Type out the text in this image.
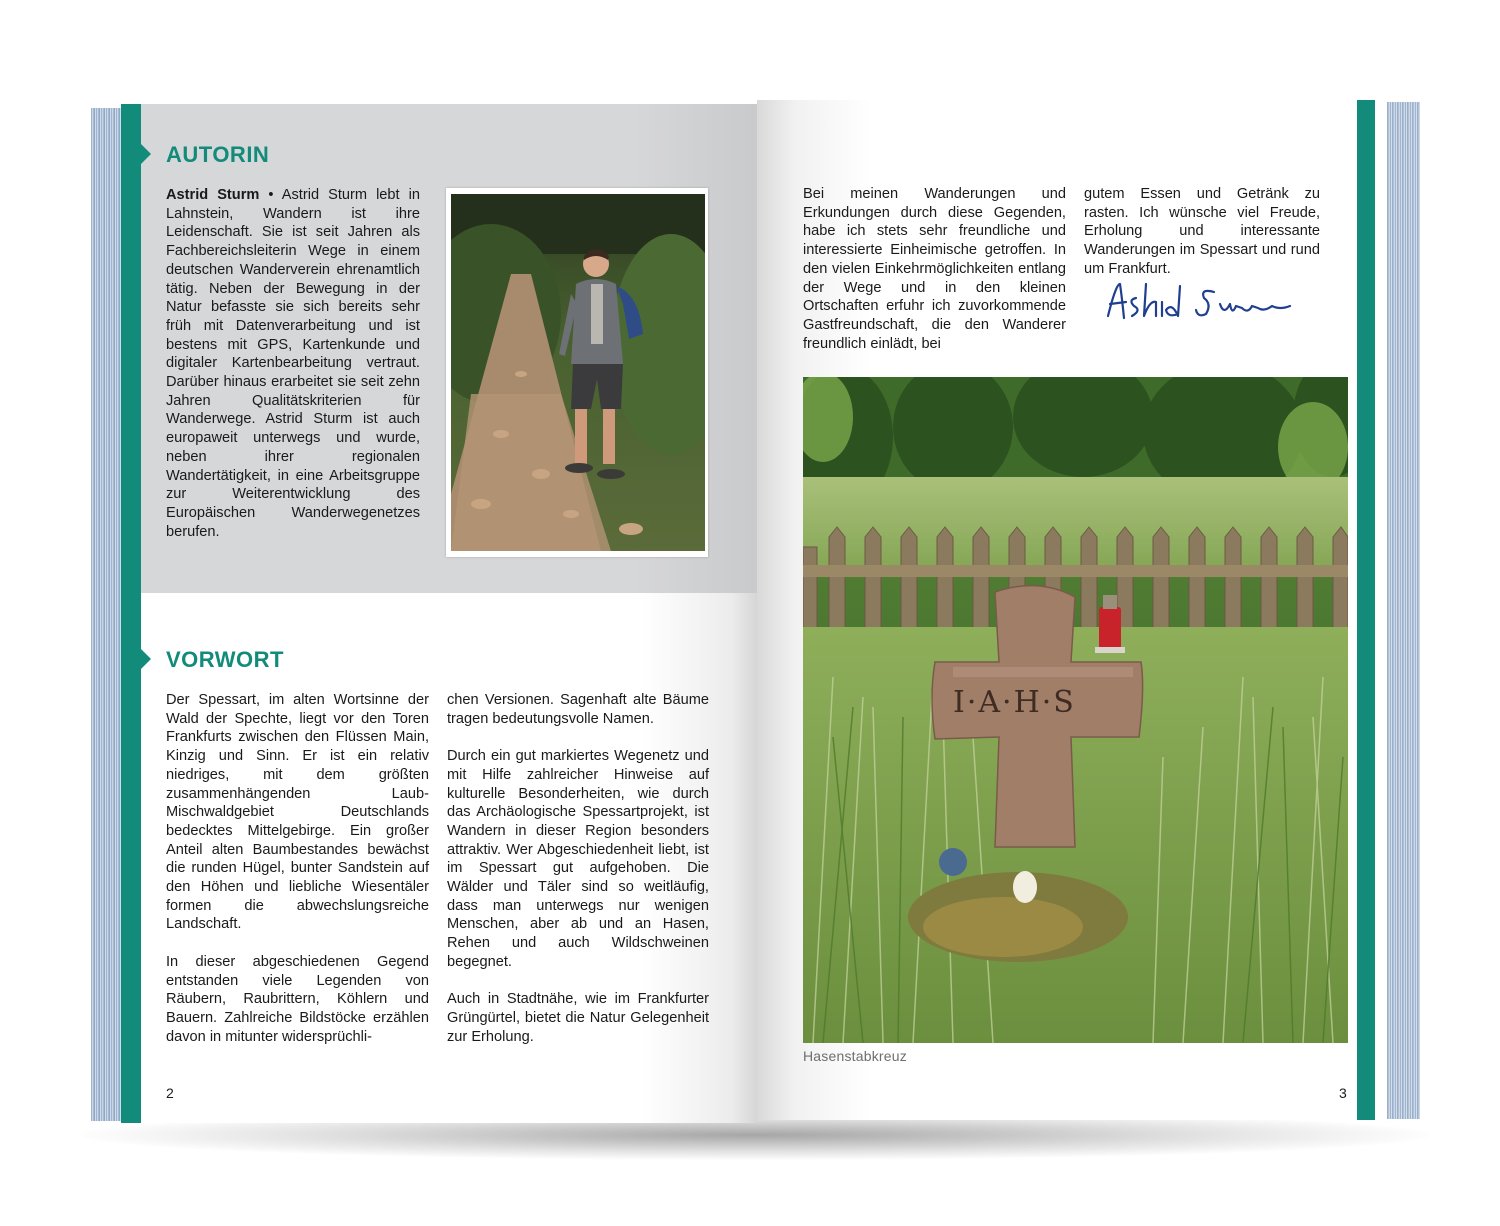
AUTORIN

Astrid Sturm • Astrid Sturm lebt in Lahnstein, Wandern ist ihre Leidenschaft. Sie ist seit Jahren als Fachbereichsleiterin Wege in einem deutschen Wanderverein ehrenamtlich tätig. Neben der Bewegung in der Natur befasste sie sich bereits sehr früh mit Datenverarbeitung und ist bestens mit GPS, Kartenkunde und digitaler Kartenbearbeitung vertraut. Darüber hinaus erarbeitet sie seit zehn Jahren Qualitätskriterien für Wanderwege. Astrid Sturm ist auch europaweit unterwegs und wurde, neben ihrer regionalen Wandertätigkeit, in eine Arbeitsgruppe zur Weiterentwicklung des Europäischen Wanderwegenetzes berufen.

VORWORT

Der Spessart, im alten Wortsinne der Wald der Spechte, liegt vor den Toren Frankfurts zwischen den Flüssen Main, Kinzig und Sinn. Er ist ein relativ niedriges, mit dem größten zusammenhängenden Laub-Mischwaldgebiet Deutschlands bedecktes Mittelgebirge. Ein großer Anteil alten Baumbestandes bewächst die runden Hügel, bunter Sandstein auf den Höhen und liebliche Wiesentäler formen die abwechslungsreiche Landschaft.

In dieser abgeschiedenen Gegend entstanden viele Legenden von Räubern, Raubrittern, Köhlern und Bauern. Zahlreiche Bildstöcke erzählen davon in mitunter widersprüchli-

chen Versionen. Sagenhaft alte Bäume tragen bedeutungsvolle Namen.

Durch ein gut markiertes Wegenetz und mit Hilfe zahlreicher Hinweise auf kulturelle Besonderheiten, wie durch das Archäologische Spessartprojekt, ist Wandern in dieser Region besonders attraktiv. Wer Abgeschiedenheit liebt, ist im Spessart gut aufgehoben. Die Wälder und Täler sind so weitläufig, dass man unterwegs nur wenigen Menschen, aber ab und an Hasen, Rehen und auch Wildschweinen begegnet.

Auch in Stadtnähe, wie im Frankfurter Grüngürtel, bietet die Natur Gelegenheit zur Erholung.

2

Bei meinen Wanderungen und Erkundungen durch diese Gegenden, habe ich stets sehr freundliche und interessierte Einheimische getroffen. In den vielen Einkehrmöglichkeiten entlang der Wege und in den kleinen Ortschaften erfuhr ich zuvorkommende Gastfreundschaft, die den Wanderer freundlich einlädt, bei

gutem Essen und Getränk zu rasten. Ich wünsche viel Freude, Erholung und interessante Wanderungen im Spessart und rund um Frankfurt.

I·A·H·S
Hasenstabkreuz
3
